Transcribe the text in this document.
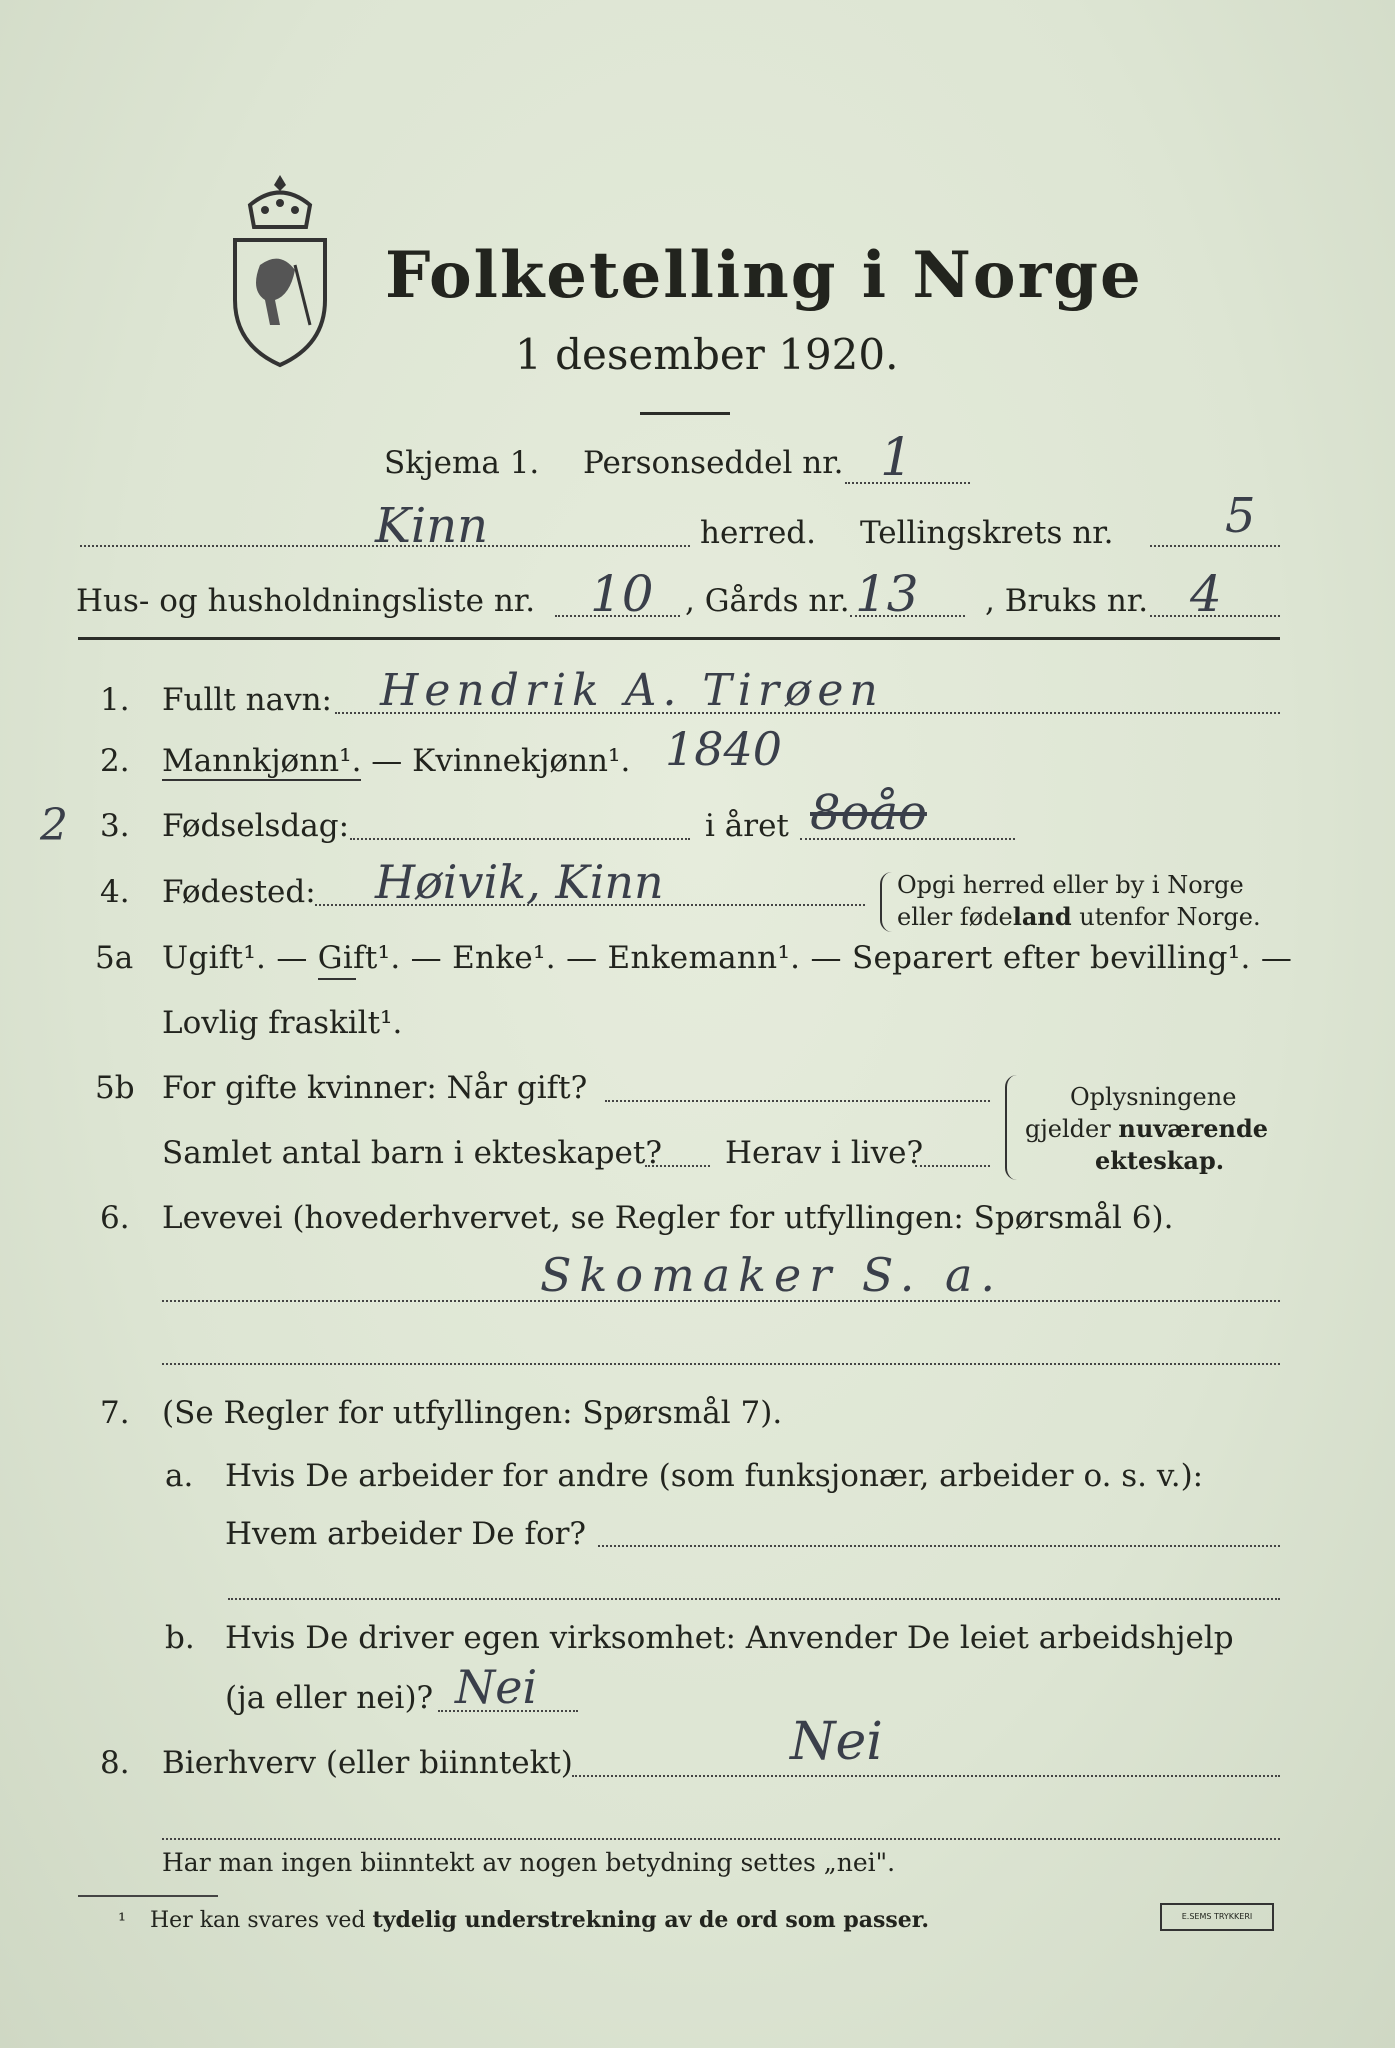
Folketelling i Norge
1 desember 1920.
Skjema 1. Personseddel nr. 1
Kinn	herred. Tellingskrets nr. 5
Hus- og husholdningsliste nr. 10 , Gårds nr. 13 , Bruks nr. 4
1. Fullt navn: Hendrik A. Tirøen
2. Mannkjønn¹. — Kvinnekjønn¹. 1840
2 3. Fødselsdag:	i året 8oåo
4. Fødested: Høivik, Kinn	Opgi herred eller by i Norge
eller fødeland utenfor Norge.
5a Ugift¹. — Gift¹. — Enke¹. — Enkemann¹. — Separert efter bevilling¹. —
Lovlig fraskilt¹.
5b For gifte kvinner: Når gift?
Samlet antal barn i ekteskapet? Herav i live?
Oplysningene
gjelder nuværende
ekteskap.
6. Levevei (hovederhvervet, se Regler for utfyllingen: Spørsmål 6).
Skomaker S. a.
7. (Se Regler for utfyllingen: Spørsmål 7).
a. Hvis De arbeider for andre (som funksjonær, arbeider o. s. v.):
Hvem arbeider De for?
b. Hvis De driver egen virksomhet: Anvender De leiet arbeidshjelp
(ja eller nei)? Nei
8. Bierhverv (eller biinntekt)	Nei
Har man ingen biinntekt av nogen betydning settes „nei".
¹ Her kan svares ved tydelig understrekning av de ord som passer.	E.SEMS TRYKKERI
